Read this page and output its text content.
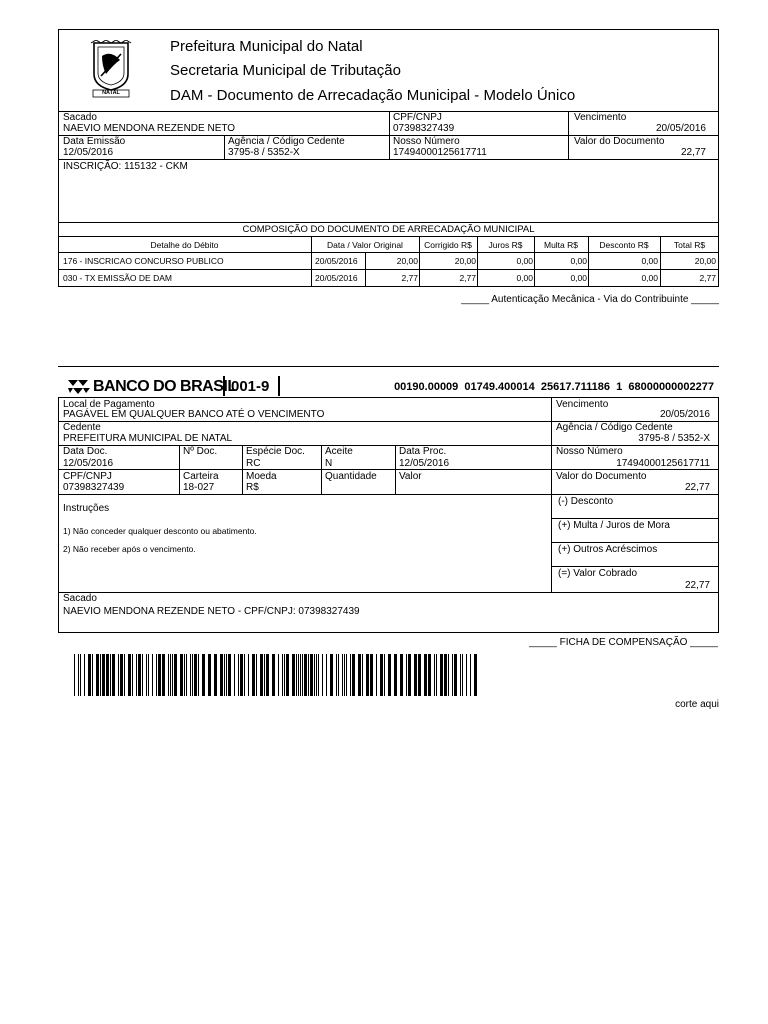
NATAL
Prefeitura Municipal do Natal
Secretaria Municipal de Tributação
DAM - Documento de Arrecadação Municipal - Modelo Único
Sacado
NAEVIO MENDONA REZENDE NETO
CPF/CNPJ
07398327439
Vencimento
20/05/2016
Data Emissão
12/05/2016
Agência / Código Cedente
3795-8 / 5352-X
Nosso Número
17494000125617711
Valor do Documento
22,77
INSCRIÇÃO: 115132 - CKM
COMPOSIÇÃO DO DOCUMENTO DE ARRECADAÇÃO MUNICIPAL
Detalhe do Débito	Data / Valor Original	Corrigido R$	Juros R$	Multa R$	Desconto R$	Total R$
176 - INSCRICAO CONCURSO PUBLICO	20/05/2016	20,00	20,00	0,00	0,00	0,00	20,00
030 - TX EMISSÃO DE DAM	20/05/2016	2,77	2,77	0,00	0,00	0,00	2,77
_____ Autenticação Mecânica - Via do Contribuinte _____
BANCO DO BRASIL
001-9	00190.00009  01749.400014  25617.711186  1  68000000002277
Local de Pagamento
PAGÁVEL EM QUALQUER BANCO ATÉ O VENCIMENTO
Vencimento
20/05/2016
Cedente
PREFEITURA MUNICIPAL DE NATAL
Agência / Código Cedente
3795-8 / 5352-X
Data Doc.
12/05/2016
Nº Doc.	Espécie Doc.
RC
Aceite
N
Data Proc.
12/05/2016
Nosso Número
17494000125617711
CPF/CNPJ
07398327439
Carteira
18-027
Moeda
R$
Quantidade Valor	Valor do Documento
22,77
Instruções
1) Não conceder qualquer desconto ou abatimento.
2) Não receber após o vencimento.
(-) Desconto
(+) Multa / Juros de Mora
(+) Outros Acréscimos
(=) Valor Cobrado
22,77
Sacado
NAEVIO MENDONA REZENDE NETO - CPF/CNPJ: 07398327439
_____ FICHA DE COMPENSAÇÃO _____
corte aqui
